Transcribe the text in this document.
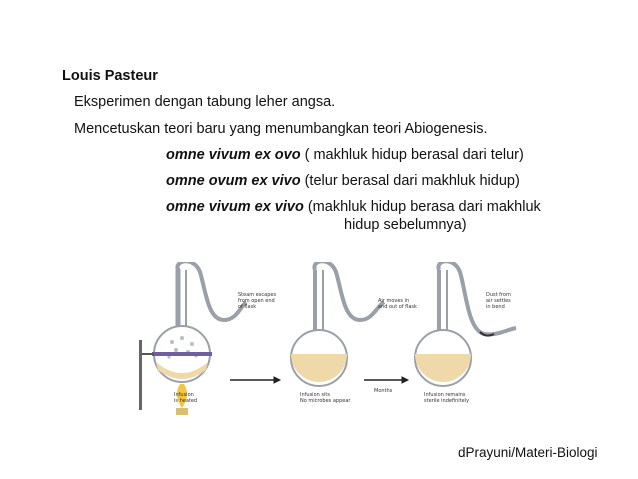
Louis Pasteur
Eksperimen dengan tabung leher angsa.
Mencetuskan teori baru yang menumbangkan teori Abiogenesis.
omne vivum ex ovo ( makhluk hidup berasal dari telur)
omne ovum ex vivo (telur berasal dari makhluk hidup)
omne vivum ex vivo (makhluk hidup berasa dari makhluk
hidup sebelumnya)
Steam escapes from open end of flask
Air moves in and out of flask
Dust from air settles in bend
Infusion is heated
Infusion sits No microbes appear
Months
Infusion remains sterile indefinitely
dPrayuni/Materi-Biologi
